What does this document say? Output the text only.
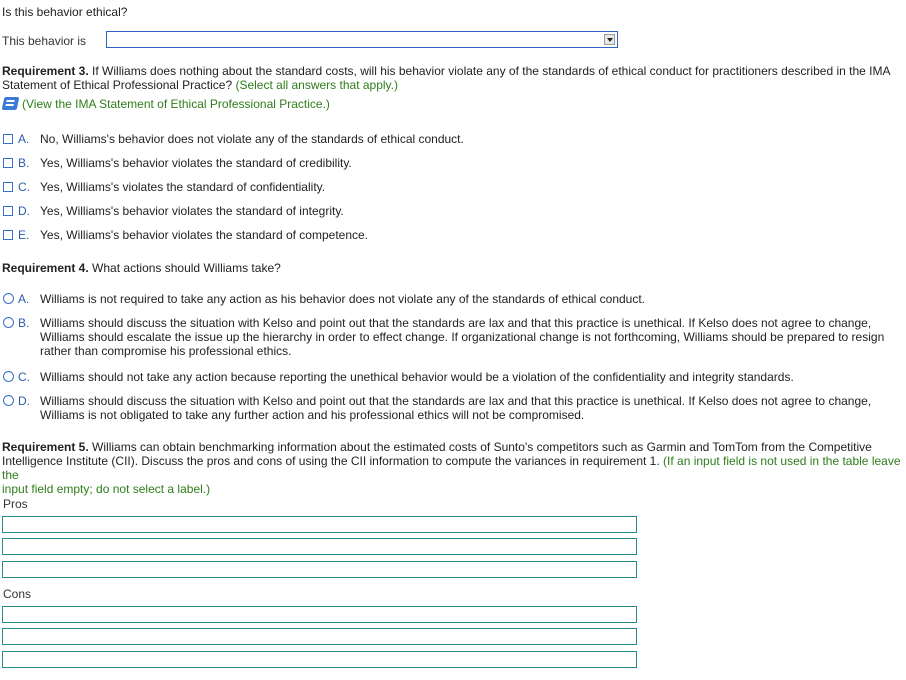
Is this behavior ethical?
This behavior is
Requirement 3. If Williams does nothing about the standard costs, will his behavior violate any of the standards of ethical conduct for practitioners described in the IMA
Statement of Ethical Professional Practice? (Select all answers that apply.)
(View the IMA Statement of Ethical Professional Practice.)
A. No, Williams's behavior does not violate any of the standards of ethical conduct.
B. Yes, Williams's behavior violates the standard of credibility.
C. Yes, Williams's violates the standard of confidentiality.
D. Yes, Williams's behavior violates the standard of integrity.
E. Yes, Williams's behavior violates the standard of competence.
Requirement 4. What actions should Williams take?
A. Williams is not required to take any action as his behavior does not violate any of the standards of ethical conduct.
B. Williams should discuss the situation with Kelso and point out that the standards are lax and that this practice is unethical. If Kelso does not agree to change,
Williams should escalate the issue up the hierarchy in order to effect change. If organizational change is not forthcoming, Williams should be prepared to resign
rather than compromise his professional ethics.
C. Williams should not take any action because reporting the unethical behavior would be a violation of the confidentiality and integrity standards.
D. Williams should discuss the situation with Kelso and point out that the standards are lax and that this practice is unethical. If Kelso does not agree to change,
Williams is not obligated to take any further action and his professional ethics will not be compromised.
Requirement 5. Williams can obtain benchmarking information about the estimated costs of Sunto's competitors such as Garmin and TomTom from the Competitive
Intelligence Institute (CII). Discuss the pros and cons of using the CII information to compute the variances in requirement 1. (If an input field is not used in the table leave the
input field empty; do not select a label.)
Pros
Cons
